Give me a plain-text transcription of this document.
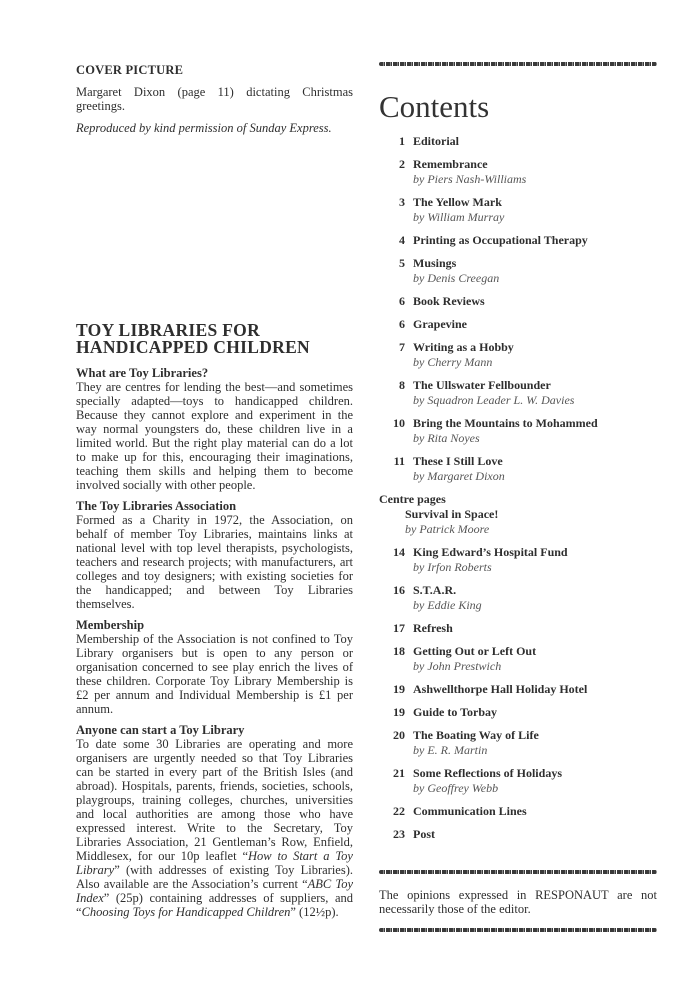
COVER PICTURE

Margaret Dixon (page 11) dictating Christmas greetings.

Reproduced by kind permission of Sunday Express.

TOY LIBRARIES FOR
HANDICAPPED CHILDREN

What are Toy Libraries?

They are centres for lending the best—and sometimes specially adapted—toys to handicapped children. Because they cannot explore and experiment in the way normal youngsters do, these children live in a limited world. But the right play material can do a lot to make up for this, encouraging their imaginations, teaching them skills and helping them to become involved socially with other people.

The Toy Libraries Association

Formed as a Charity in 1972, the Association, on behalf of member Toy Libraries, maintains links at national level with top level therapists, psychologists, teachers and research projects; with manufacturers, art colleges and toy designers; with existing societies for the handicapped; and between Toy Libraries themselves.

Membership

Membership of the Association is not confined to Toy Library organisers but is open to any person or organisation concerned to see play enrich the lives of these children. Corporate Toy Library Membership is £2 per annum and Individual Membership is £1 per annum.

Anyone can start a Toy Library

To date some 30 Libraries are operating and more organisers are urgently needed so that Toy Libraries can be started in every part of the British Isles (and abroad). Hospitals, parents, friends, societies, schools, playgroups, training colleges, churches, universities and local authorities are among those who have expressed interest. Write to the Secretary, Toy Libraries Association, 21 Gentleman’s Row, Enfield, Middlesex, for our 10p leaflet “How to Start a Toy Library” (with addresses of existing Toy Libraries). Also available are the Association’s current “ABC Toy Index” (25p) containing addresses of suppliers, and “Choosing Toys for Handicapped Children” (12½p).

Contents
1 Editorial
2 Remembrance
by Piers Nash-Williams
3 The Yellow Mark
by William Murray
4 Printing as Occupational Therapy
5 Musings
by Denis Creegan
6 Book Reviews
6 Grapevine
7 Writing as a Hobby
by Cherry Mann
8 The Ullswater Fellbounder
by Squadron Leader L. W. Davies
10 Bring the Mountains to Mohammed
by Rita Noyes
11 These I Still Love
by Margaret Dixon
Centre pages
Survival in Space!
by Patrick Moore
14 King Edward’s Hospital Fund
by Irfon Roberts
16 S.T.A.R.
by Eddie King
17 Refresh
18 Getting Out or Left Out
by John Prestwich
19 Ashwellthorpe Hall Holiday Hotel
19 Guide to Torbay
20 The Boating Way of Life
by E. R. Martin
21 Some Reflections of Holidays
by Geoffrey Webb
22 Communication Lines
23 Post

The opinions expressed in RESPONAUT are not necessarily those of the editor.
